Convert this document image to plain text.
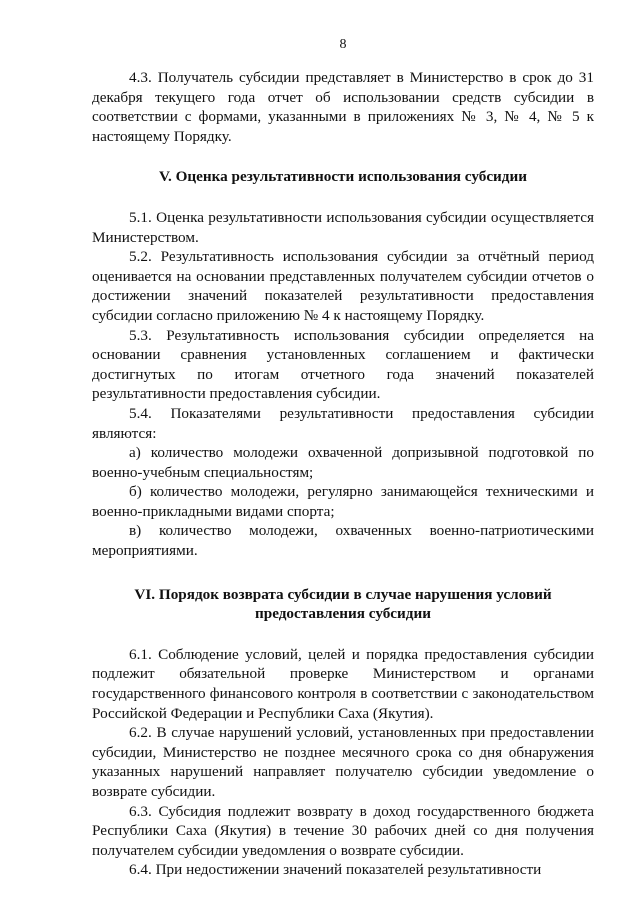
8

4.3. Получатель субсидии представляет в Министерство в срок до 31 декабря текущего года отчет об использовании средств субсидии в соответствии с формами, указанными в приложениях № 3, № 4, № 5 к настоящему Порядку.

V. Оценка результативности использования субсидии

5.1. Оценка результативности использования субсидии осуществляется Министерством.

5.2. Результативность использования субсидии за отчётный период оценивается на основании представленных получателем субсидии отчетов о достижении значений показателей результативности предоставления субсидии согласно приложению № 4 к настоящему Порядку.

5.3. Результативность использования субсидии определяется на основании сравнения установленных соглашением и фактически достигнутых по итогам отчетного года значений показателей результативности предоставления субсидии.

5.4. Показателями результативности предоставления субсидии являются:

а) количество молодежи охваченной допризывной подготовкой по военно-учебным специальностям;

б) количество молодежи, регулярно занимающейся техническими и военно-прикладными видами спорта;

в) количество молодежи, охваченных военно-патриотическими мероприятиями.

VI. Порядок возврата субсидии в случае нарушения условий
предоставления субсидии

6.1. Соблюдение условий, целей и порядка предоставления субсидии подлежит обязательной проверке Министерством и органами государственного финансового контроля в соответствии с законодательством Российской Федерации и Республики Саха (Якутия).

6.2. В случае нарушений условий, установленных при предоставлении субсидии, Министерство не позднее месячного срока со дня обнаружения указанных нарушений направляет получателю субсидии уведомление о возврате субсидии.

6.3. Субсидия подлежит возврату в доход государственного бюджета Республики Саха (Якутия) в течение 30 рабочих дней со дня получения получателем субсидии уведомления о возврате субсидии.

6.4. При недостижении значений показателей результативности
